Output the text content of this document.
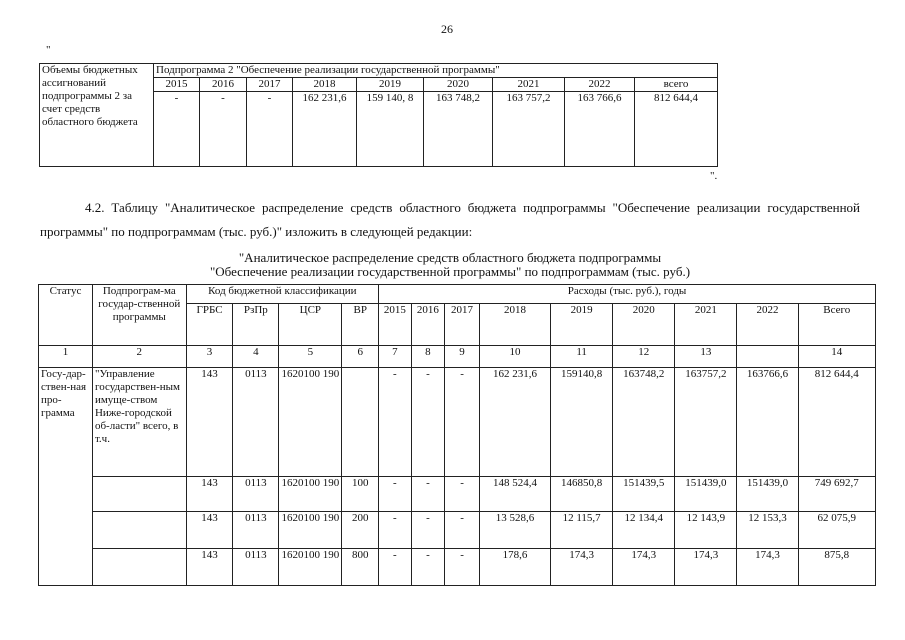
26
"
Объемы бюджетных ассигнований подпрограммы 2 за счет средств областного бюджета	Подпрограмма 2 "Обеспечение реализации государственной программы"								
	2015	2016	2017	2018	2019	2020	2021	2022	всего
	-	-	-	162 231,6	159 140, 8	163 748,2	163 757,2	163 766,6	812 644,4
".
4.2. Таблицу "Аналитическое распределение средств областного бюджета подпрограммы "Обеспечение реализации государственной программы" по подпрограммам (тыс. руб.)" изложить в следующей редакции:
"Аналитическое распределение средств областного бюджета подпрограммы
"Обеспечение реализации государственной программы" по подпрограммам (тыс. руб.)
Статус	Подпрограм-ма государ-ственной программы	Код бюджетной классификации				Расходы (тыс. руб.), годы								
		ГРБС	РзПр	ЦСР	ВР	2015	2016	2017	2018	2019	2020	2021	2022	Всего
1	2	3	4	5	6	7	8	9	10	11	12	13		14
Госу-дар-ствен-ная про-грамма	"Управление государствен-ным имуще-ством Ниже-городской об-ласти" всего, в т.ч.	143	0113	1620100 190		-	-	-	162 231,6	159140,8	163748,2	163757,2	163766,6	812 644,4
		143	0113	1620100 190	100	-	-	-	148 524,4	146850,8	151439,5	151439,0	151439,0	749 692,7
		143	0113	1620100 190	200	-	-	-	13 528,6	12 115,7	12 134,4	12 143,9	12 153,3	62 075,9
		143	0113	1620100 190	800	-	-	-	178,6	174,3	174,3	174,3	174,3	875,8
